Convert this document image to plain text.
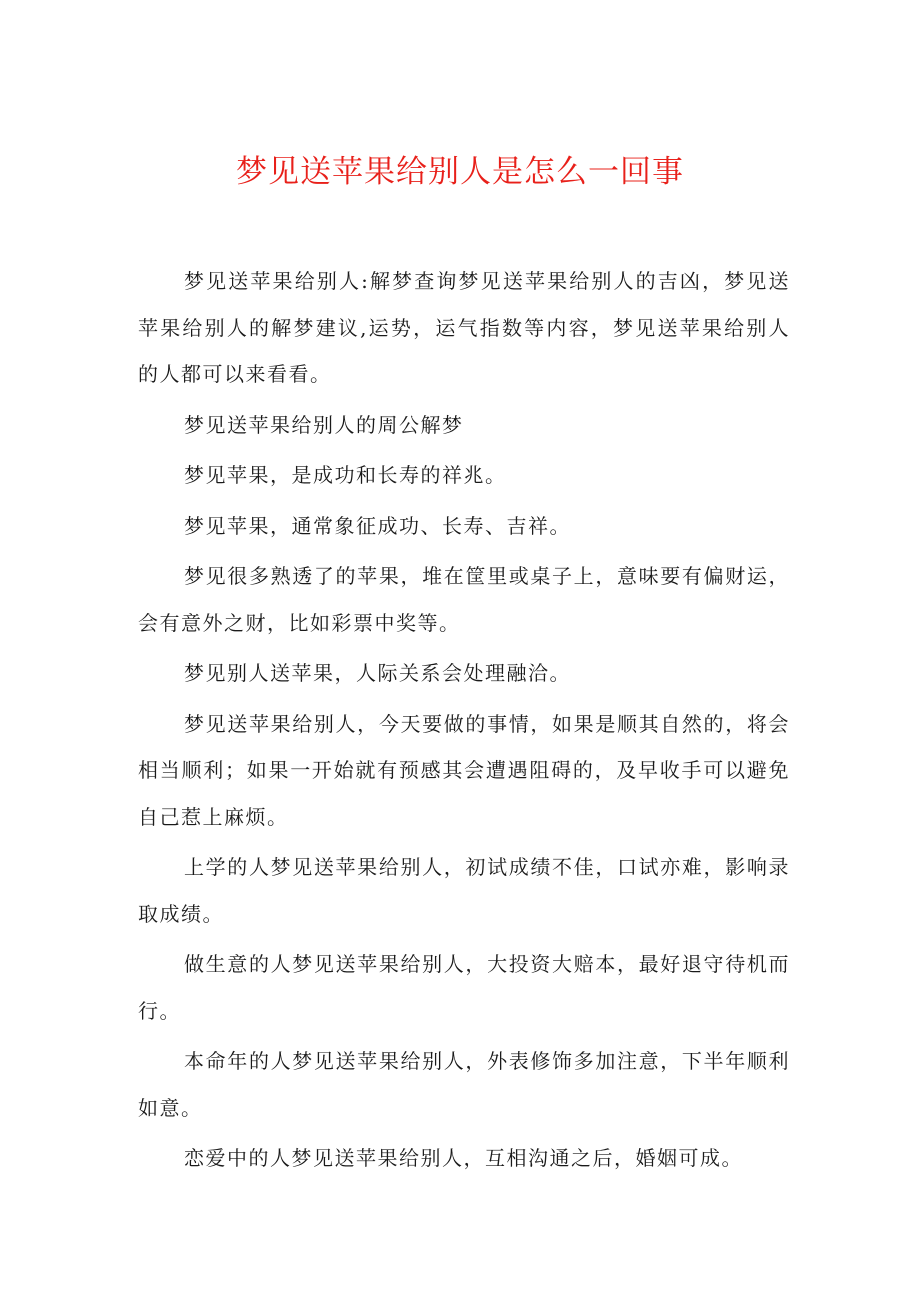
梦见送苹果给别人是怎么一回事

梦见送苹果给别人:解梦查询梦见送苹果给别人的吉凶，梦见送苹果给别人的解梦建议,运势，运气指数等内容，梦见送苹果给别人的人都可以来看看。

梦见送苹果给别人的周公解梦

梦见苹果，是成功和长寿的祥兆。

梦见苹果，通常象征成功、长寿、吉祥。

梦见很多熟透了的苹果，堆在筐里或桌子上，意味要有偏财运，会有意外之财，比如彩票中奖等。

梦见别人送苹果，人际关系会处理融洽。

梦见送苹果给别人，今天要做的事情，如果是顺其自然的，将会相当顺利；如果一开始就有预感其会遭遇阻碍的，及早收手可以避免自己惹上麻烦。

上学的人梦见送苹果给别人，初试成绩不佳，口试亦难，影响录取成绩。

做生意的人梦见送苹果给别人，大投资大赔本，最好退守待机而行。

本命年的人梦见送苹果给别人，外表修饰多加注意，下半年顺利如意。

恋爱中的人梦见送苹果给别人，互相沟通之后，婚姻可成。
